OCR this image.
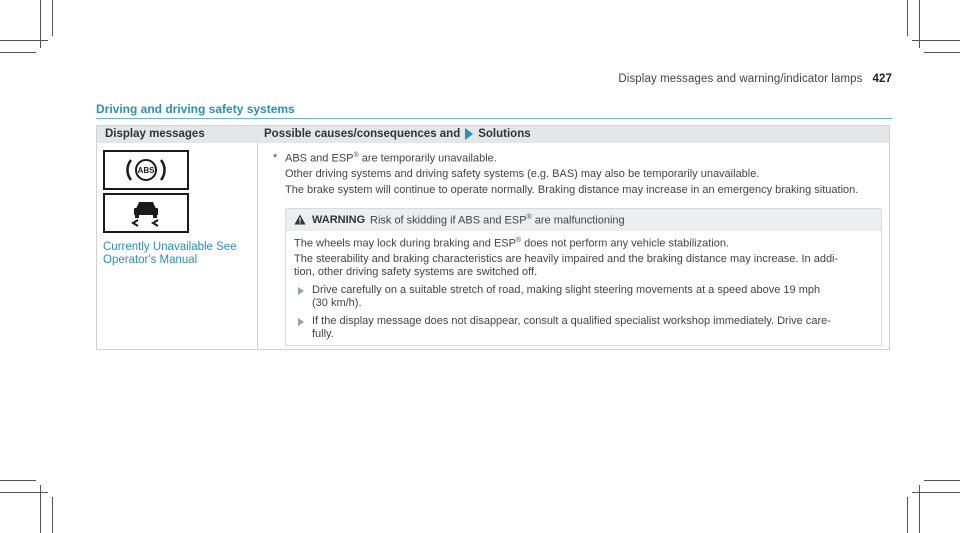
Display messages and warning/indicator lamps 427
Driving and driving safety systems
Display messages	Possible causes/consequences and Solutions
ABS
Currently Unavailable See
Operator's Manual
* ABS and ESP® are temporarily unavailable.
Other driving systems and driving safety systems (e.g. BAS) may also be temporarily unavailable.
The brake system will continue to operate normally. Braking distance may increase in an emergency braking situation.
WARNING Risk of skidding if ABS and ESP® are malfunctioning
The wheels may lock during braking and ESP® does not perform any vehicle stabilization.
The steerability and braking characteristics are heavily impaired and the braking distance may increase. In addi-
tion, other driving safety systems are switched off.
Drive carefully on a suitable stretch of road, making slight steering movements at a speed above 19 mph
(30 km/h).
If the display message does not disappear, consult a qualified specialist workshop immediately. Drive care-
fully.
